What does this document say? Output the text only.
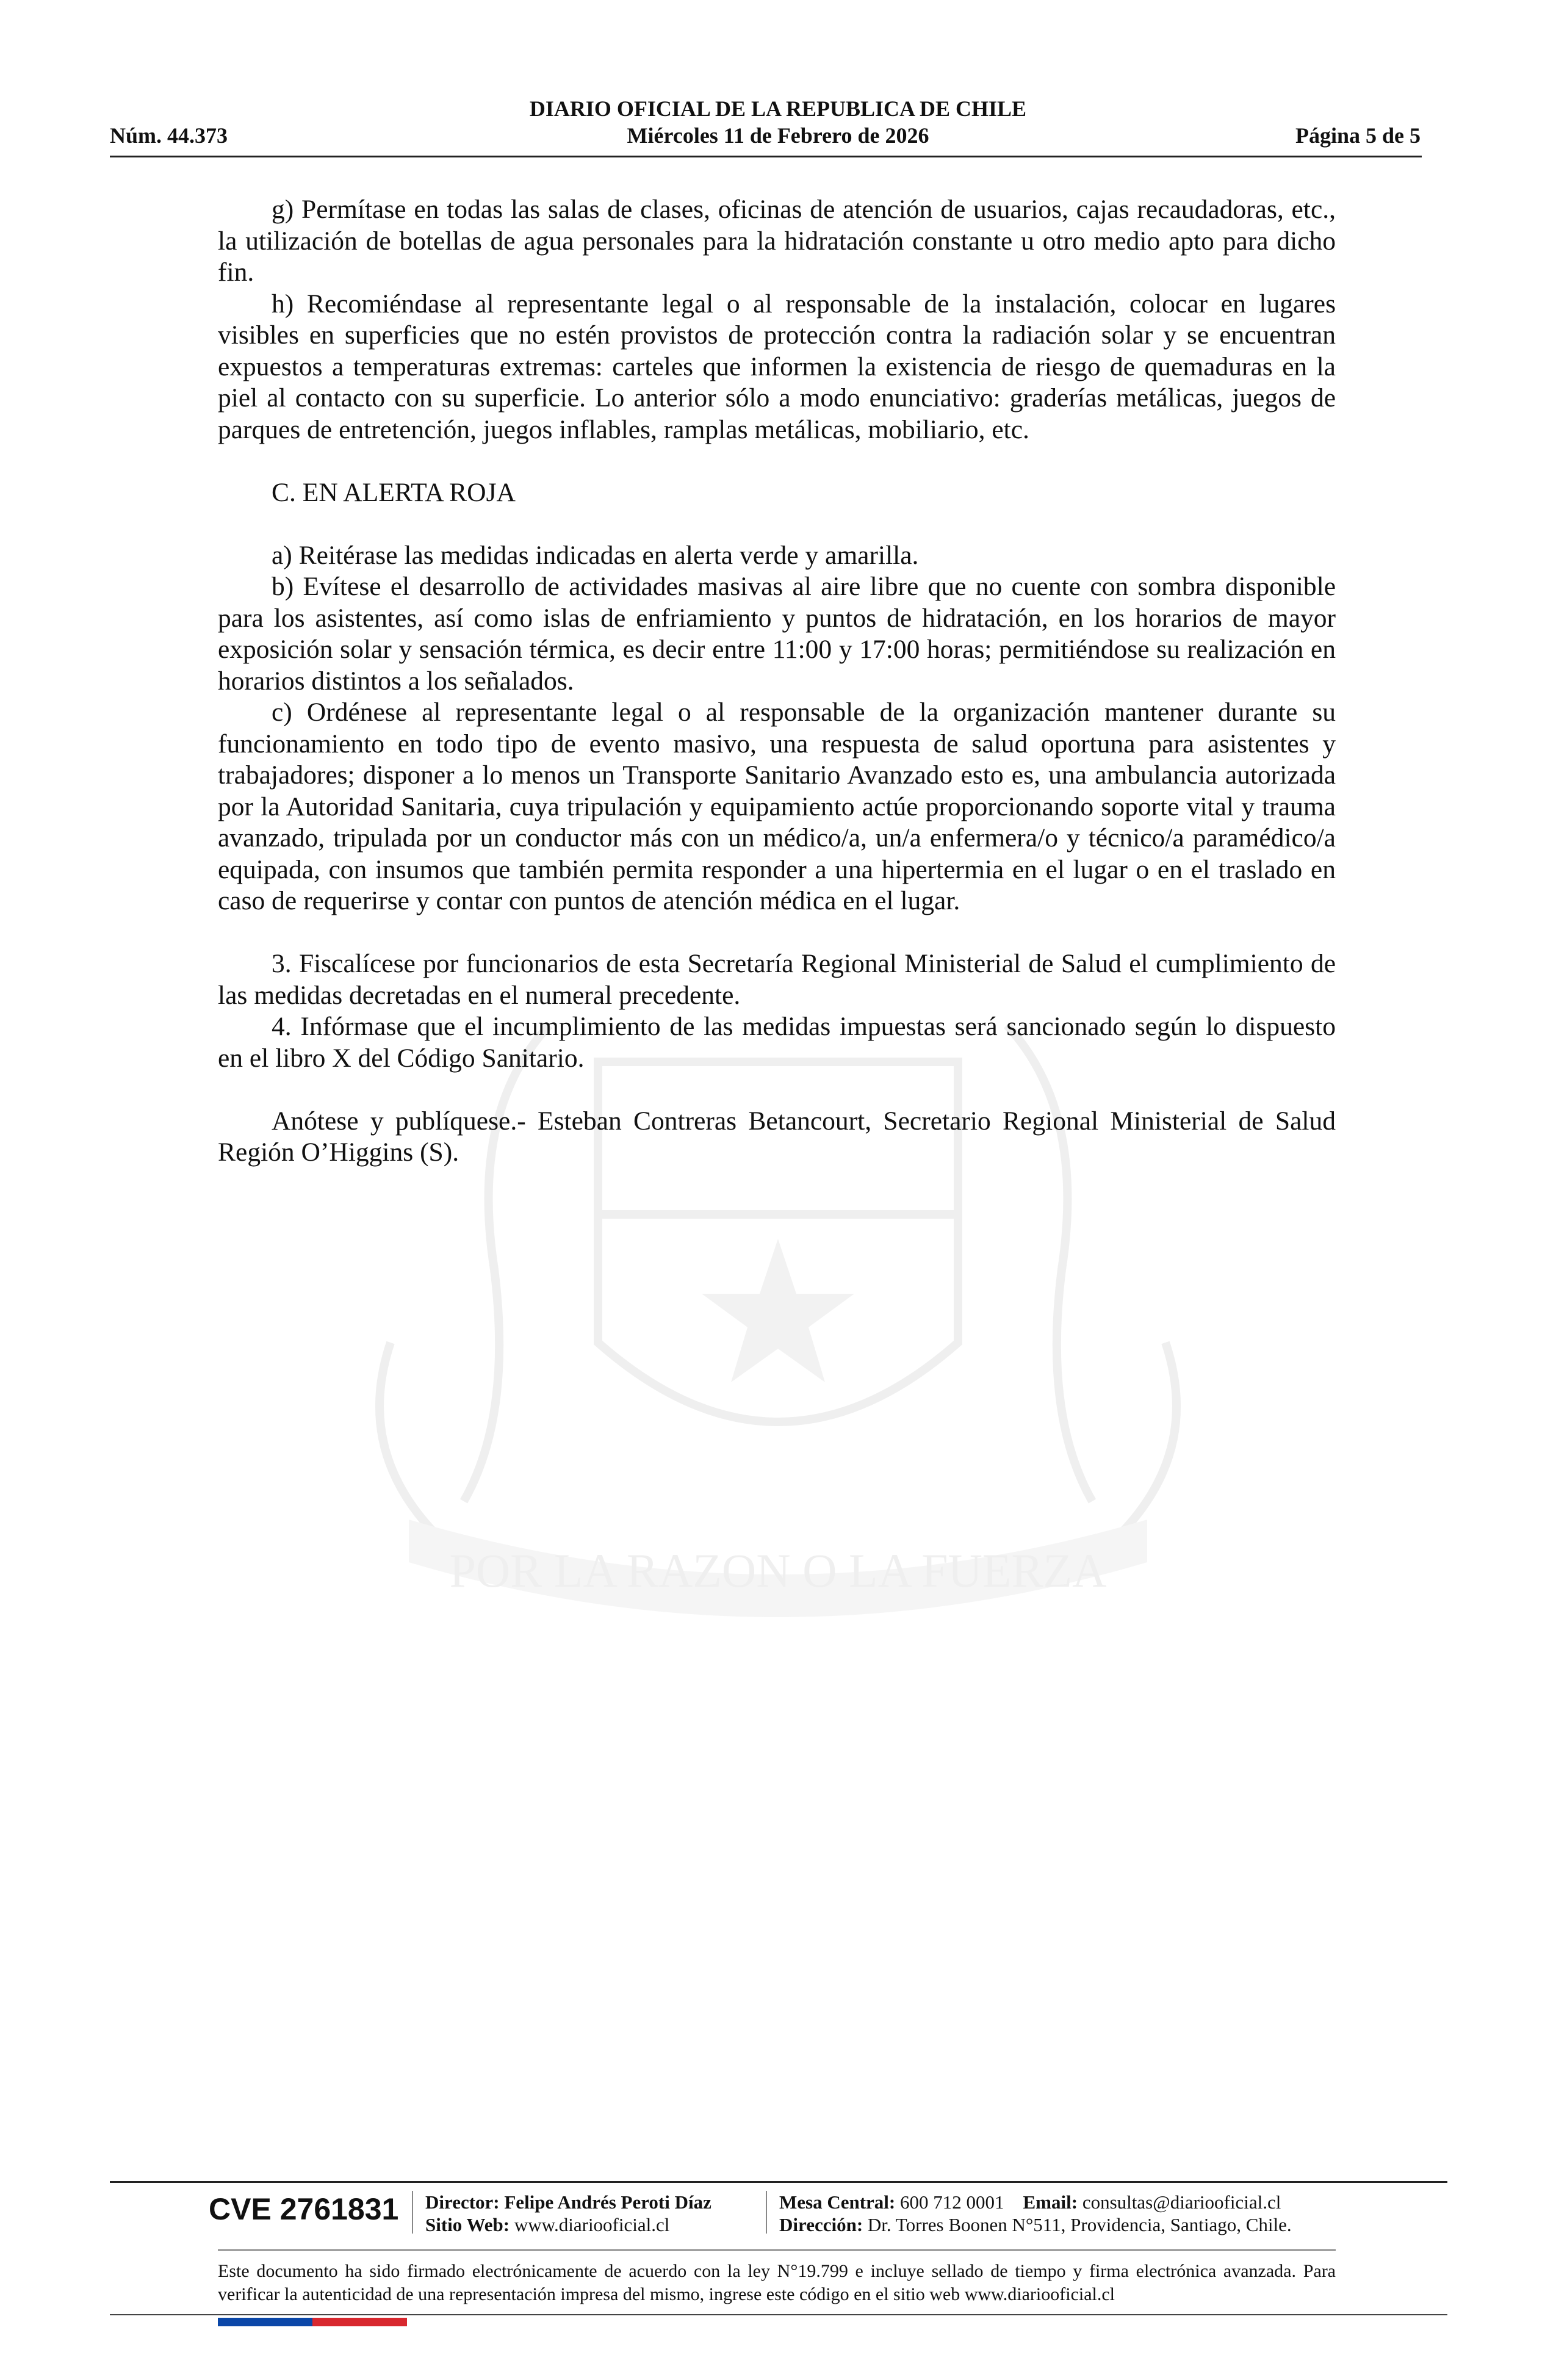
DIARIO OFICIAL DE LA REPUBLICA DE CHILE
Miércoles 11 de Febrero de 2026
Núm. 44.373	Página 5 de 5
POR LA RAZON O LA FUERZA

g) Permítase en todas las salas de clases, oficinas de atención de usuarios, cajas recaudadoras, etc., la utilización de botellas de agua personales para la hidratación constante u otro medio apto para dicho fin.

h) Recomiéndase al representante legal o al responsable de la instalación, colocar en lugares visibles en superficies que no estén provistos de protección contra la radiación solar y se encuentran expuestos a temperaturas extremas: carteles que informen la existencia de riesgo de quemaduras en la piel al contacto con su superficie. Lo anterior sólo a modo enunciativo: graderías metálicas, juegos de parques de entretención, juegos inflables, ramplas metálicas, mobiliario, etc.

C. EN ALERTA ROJA

a) Reitérase las medidas indicadas en alerta verde y amarilla.

b) Evítese el desarrollo de actividades masivas al aire libre que no cuente con sombra disponible para los asistentes, así como islas de enfriamiento y puntos de hidratación, en los horarios de mayor exposición solar y sensación térmica, es decir entre 11:00 y 17:00 horas; permitiéndose su realización en horarios distintos a los señalados.

c) Ordénese al representante legal o al responsable de la organización mantener durante su funcionamiento en todo tipo de evento masivo, una respuesta de salud oportuna para asistentes y trabajadores; disponer a lo menos un Transporte Sanitario Avanzado esto es, una ambulancia autorizada por la Autoridad Sanitaria, cuya tripulación y equipamiento actúe proporcionando soporte vital y trauma avanzado, tripulada por un conductor más con un médico/a, un/a enfermera/o y técnico/a paramédico/a equipada, con insumos que también permita responder a una hipertermia en el lugar o en el traslado en caso de requerirse y contar con puntos de atención médica en el lugar.

3. Fiscalícese por funcionarios de esta Secretaría Regional Ministerial de Salud el cumplimiento de las medidas decretadas en el numeral precedente.

4. Infórmase que el incumplimiento de las medidas impuestas será sancionado según lo dispuesto en el libro X del Código Sanitario.

Anótese y publíquese.- Esteban Contreras Betancourt, Secretario Regional Ministerial de Salud Región O’Higgins (S).

CVE 2761831 Director: Felipe Andrés Peroti Díaz
Sitio Web: www.diariooficial.cl
Mesa Central: 600 712 0001 Email: consultas@diariooficial.cl
Dirección: Dr. Torres Boonen N°511, Providencia, Santiago, Chile.
Este documento ha sido firmado electrónicamente de acuerdo con la ley N°19.799 e incluye sellado de tiempo y firma electrónica avanzada. Para verificar la autenticidad de una representación impresa del mismo, ingrese este código en el sitio web www.diariooficial.cl
